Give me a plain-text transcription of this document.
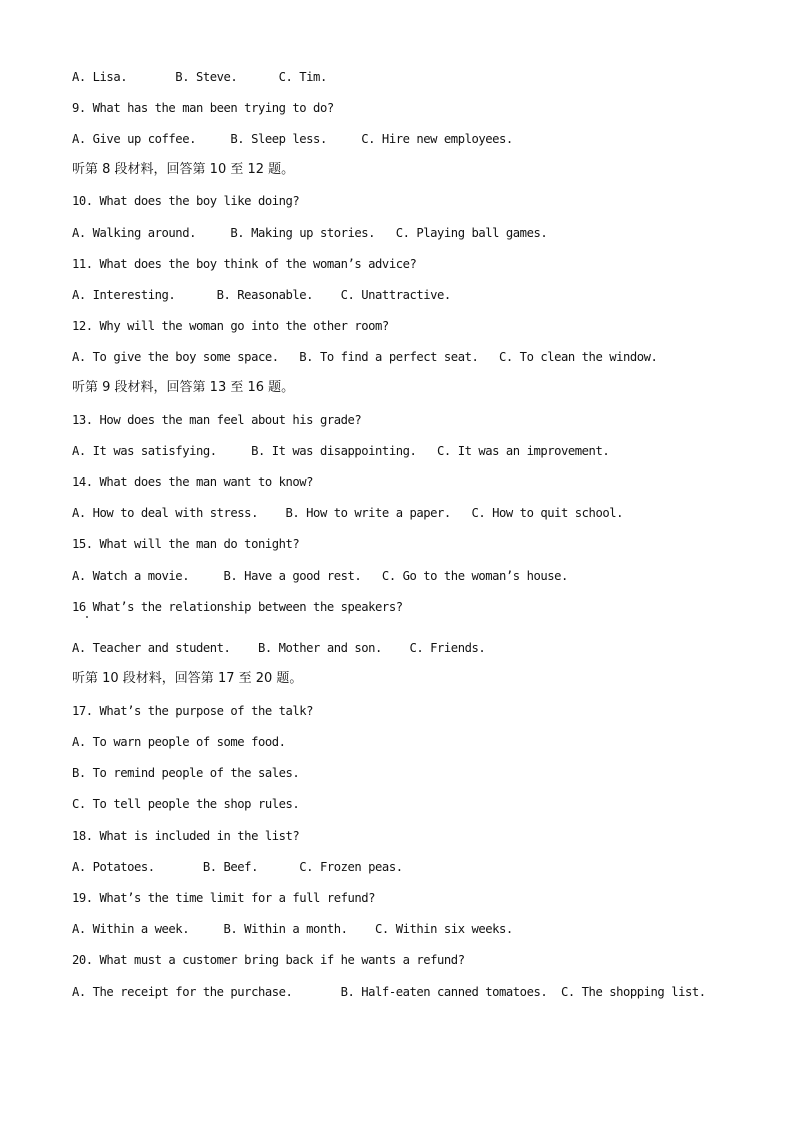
A. Lisa.       B. Steve.      C. Tim.
9. What has the man been trying to do?
A. Give up coffee.     B. Sleep less.     C. Hire new employees.
听第 8 段材料，回答第 10 至 12 题。
10. What does the boy like doing?
A. Walking around.     B. Making up stories.   C. Playing ball games.
11. What does the boy think of the woman’s advice?
A. Interesting.      B. Reasonable.    C. Unattractive.
12. Why will the woman go into the other room?
A. To give the boy some space.   B. To find a perfect seat.   C. To clean the window.
听第 9 段材料，回答第 13 至 16 题。
13. How does the man feel about his grade?
A. It was satisfying.     B. It was disappointing.   C. It was an improvement.
14. What does the man want to know?
A. How to deal with stress.    B. How to write a paper.   C. How to quit school.
15. What will the man do tonight?
A. Watch a movie.     B. Have a good rest.   C. Go to the woman’s house.
16 What’s the relationship between the speakers?
A. Teacher and student.    B. Mother and son.    C. Friends.
听第 10 段材料，回答第 17 至 20 题。
17. What’s the purpose of the talk?
A. To warn people of some food.
B. To remind people of the sales.
C. To tell people the shop rules.
18. What is included in the list?
A. Potatoes.       B. Beef.      C. Frozen peas.
19. What’s the time limit for a full refund?
A. Within a week.     B. Within a month.    C. Within six weeks.
20. What must a customer bring back if he wants a refund?
A. The receipt for the purchase.       B. Half-eaten canned tomatoes.  C. The shopping list.
